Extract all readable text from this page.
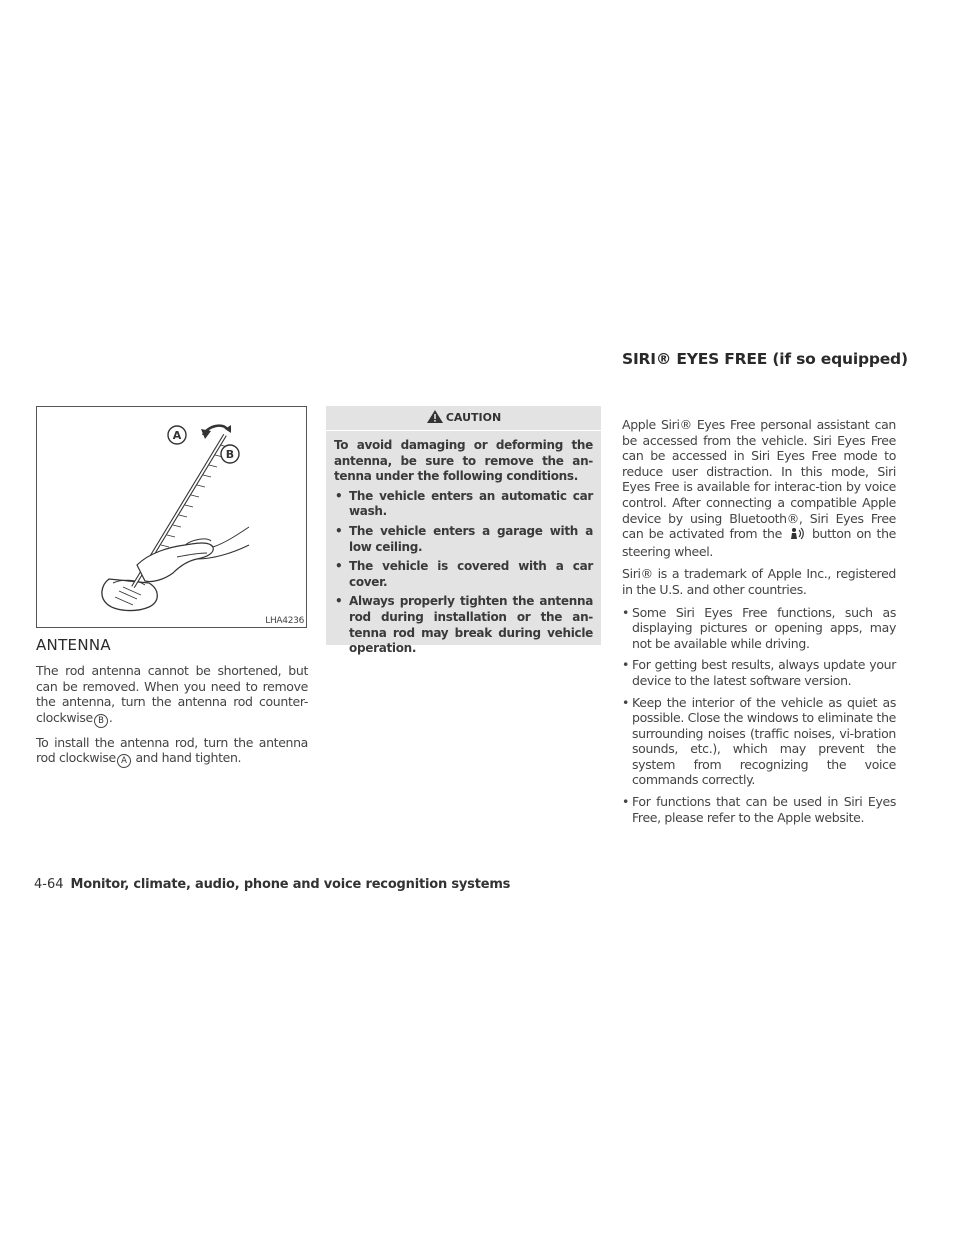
SIRI® EYES FREE (if so equipped)
A
B
LHA4236
ANTENNA

The rod antenna cannot be shortened, but can be removed. When you need to remove the antenna, turn the antenna rod counter-clockwise B .

To install the antenna rod, turn the antenna rod clockwise A and hand tighten.

CAUTION

To avoid damaging or deforming the antenna, be sure to remove the an-tenna under the following conditions.

• The vehicle enters an automatic car wash.
• The vehicle enters a garage with a low ceiling.
• The vehicle is covered with a car cover.
• Always properly tighten the antenna rod during installation or the an-tenna rod may break during vehicle operation.

Apple Siri® Eyes Free personal assistant can be accessed from the vehicle. Siri Eyes Free can be accessed in Siri Eyes Free mode to reduce user distraction. In this mode, Siri Eyes Free is available for interac-tion by voice control. After connecting a compatible Apple device by using Bluetooth®, Siri Eyes Free can be activated from the button on the steering wheel.

Siri® is a trademark of Apple Inc., registered in the U.S. and other countries.

• Some Siri Eyes Free functions, such as displaying pictures or opening apps, may not be available while driving.
• For getting best results, always update your device to the latest software version.
• Keep the interior of the vehicle as quiet as possible. Close the windows to eliminate the surrounding noises (traffic noises, vi-bration sounds, etc.), which may prevent the system from recognizing the voice commands correctly.
• For functions that can be used in Siri Eyes Free, please refer to the Apple website.
4-64 Monitor, climate, audio, phone and voice recognition systems
